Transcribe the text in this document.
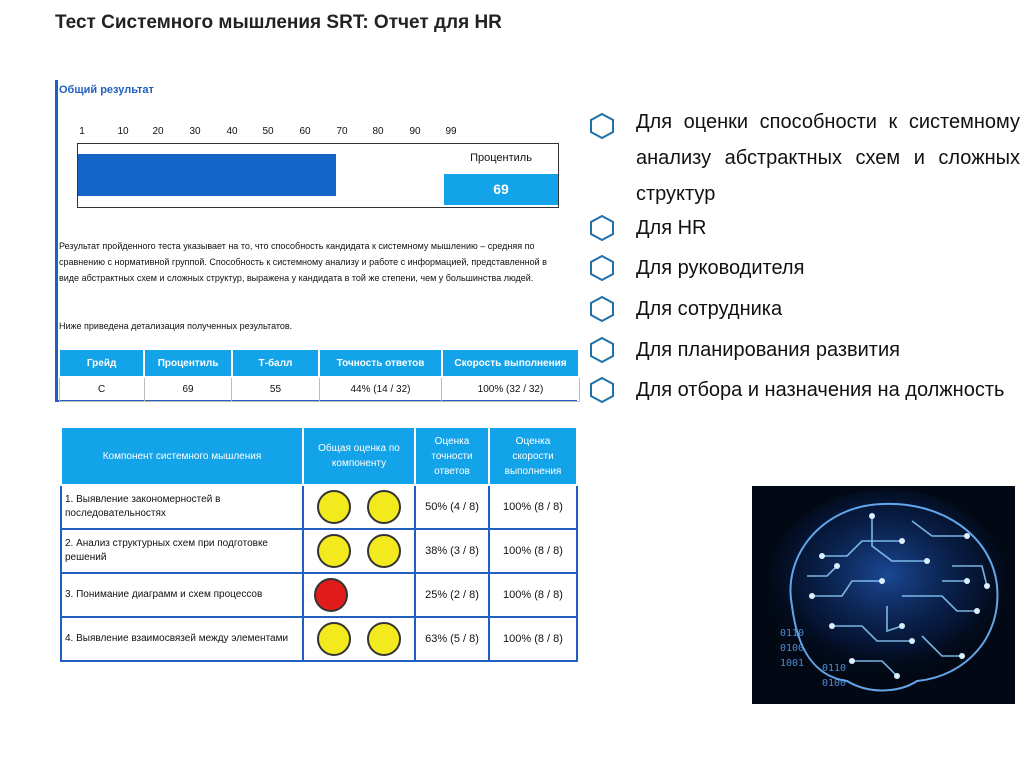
Тест Системного мышления SRT: Отчет для HR
Общий результат
1	10 20	30	40 50	60	70 80	90 99
Процентиль
69
Результат пройденного теста указывает на то, что способность кандидата к системному мышлению – средняя по сравнению с нормативной группой. Способность к системному анализу и работе с информацией, представленной в виде абстрактных схем и сложных структур, выражена у кандидата в той же степени, чем у большинства людей.
Ниже приведена детализация полученных результатов.
Грейд	Процентиль	Т-балл	Точность ответов	Скорость выполнения
C	69	55	44% (14 / 32)	100% (32 / 32)
Компонент системного мышления	Общая оценка по компоненту	Оценка точности ответов	Оценка скорости выполнения
1. Выявление закономерностей в последовательностях		50% (4 / 8)	100% (8 / 8)
2. Анализ структурных схем при подготовке решений		38% (3 / 8)	100% (8 / 8)
3. Понимание диаграмм и схем процессов		25% (2 / 8)	100% (8 / 8)
4. Выявление взаимосвязей между элементами		63% (5 / 8)	100% (8 / 8)
Для оценки способности к системному анализу абстрактных схем и сложных структур
Для HR
Для руководителя
Для сотрудника
Для планирования развития
Для отбора и назначения на должность
0110
0100
1001 0110
0100
